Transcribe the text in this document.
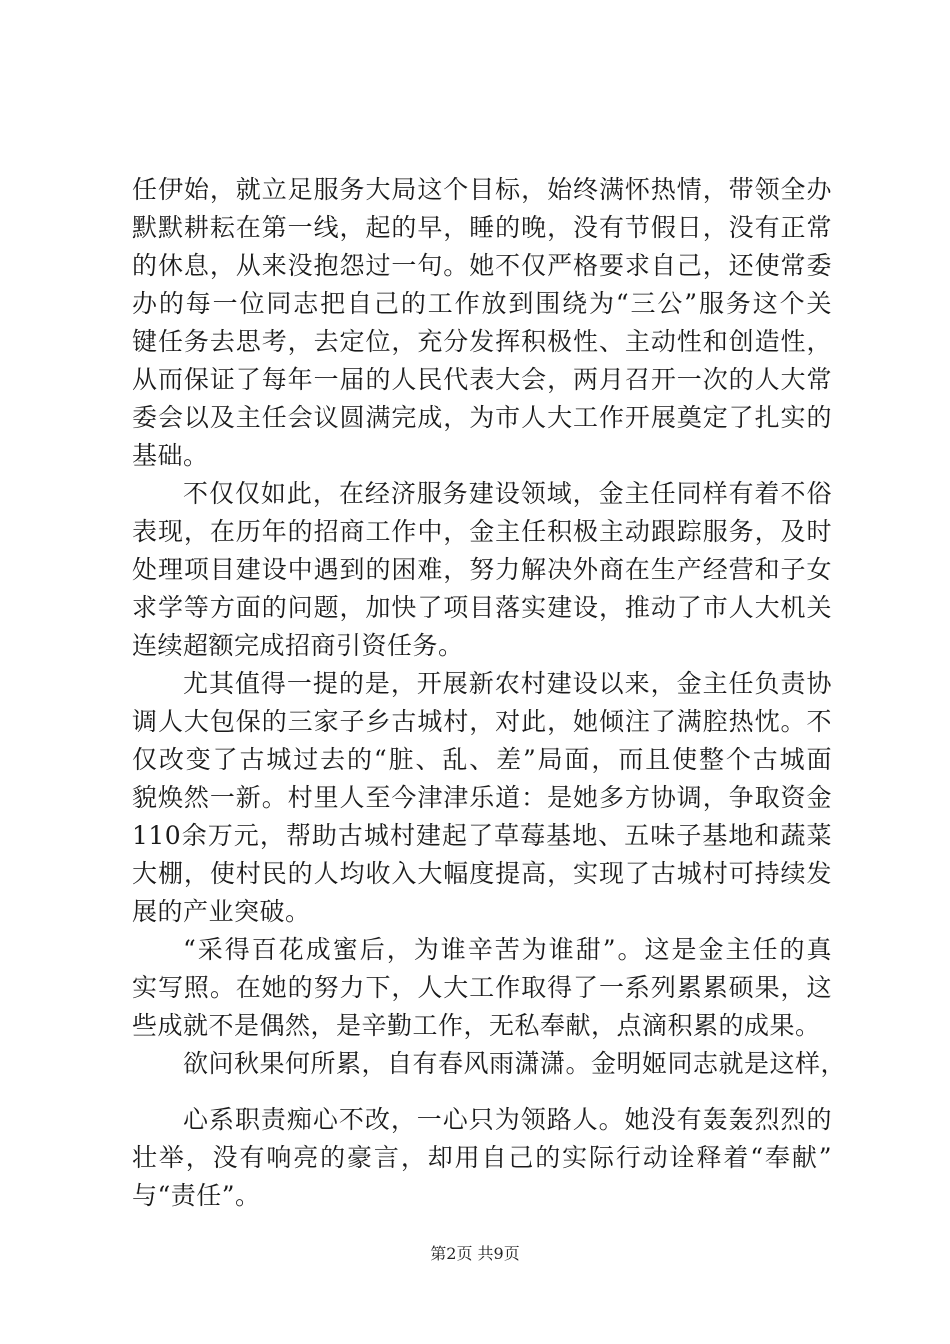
任伊始，就立足服务大局这个目标，始终满怀热情，带领全办
默默耕耘在第一线，起的早，睡的晚，没有节假日，没有正常
的休息，从来没抱怨过一句。她不仅严格要求自己，还使常委
办的每一位同志把自己的工作放到围绕为“三公”服务这个关
键任务去思考，去定位，充分发挥积极性、主动性和创造性，
从而保证了每年一届的人民代表大会，两月召开一次的人大常
委会以及主任会议圆满完成，为市人大工作开展奠定了扎实的
基础。
不仅仅如此，在经济服务建设领域，金主任同样有着不俗
表现，在历年的招商工作中，金主任积极主动跟踪服务，及时
处理项目建设中遇到的困难，努力解决外商在生产经营和子女
求学等方面的问题，加快了项目落实建设，推动了市人大机关
连续超额完成招商引资任务。
尤其值得一提的是，开展新农村建设以来，金主任负责协
调人大包保的三家子乡古城村，对此，她倾注了满腔热忱。不
仅改变了古城过去的“脏、乱、差”局面，而且使整个古城面
貌焕然一新。村里人至今津津乐道：是她多方协调，争取资金
110余万元，帮助古城村建起了草莓基地、五味子基地和蔬菜
大棚，使村民的人均收入大幅度提高，实现了古城村可持续发
展的产业突破。
“采得百花成蜜后，为谁辛苦为谁甜”。这是金主任的真
实写照。在她的努力下，人大工作取得了一系列累累硕果，这
些成就不是偶然，是辛勤工作，无私奉献，点滴积累的成果。
欲问秋果何所累，自有春风雨潇潇。金明姬同志就是这样，
心系职责痴心不改，一心只为领路人。她没有轰轰烈烈的
壮举，没有响亮的豪言，却用自己的实际行动诠释着“奉献”
与“责任”。
第2页 共9页
